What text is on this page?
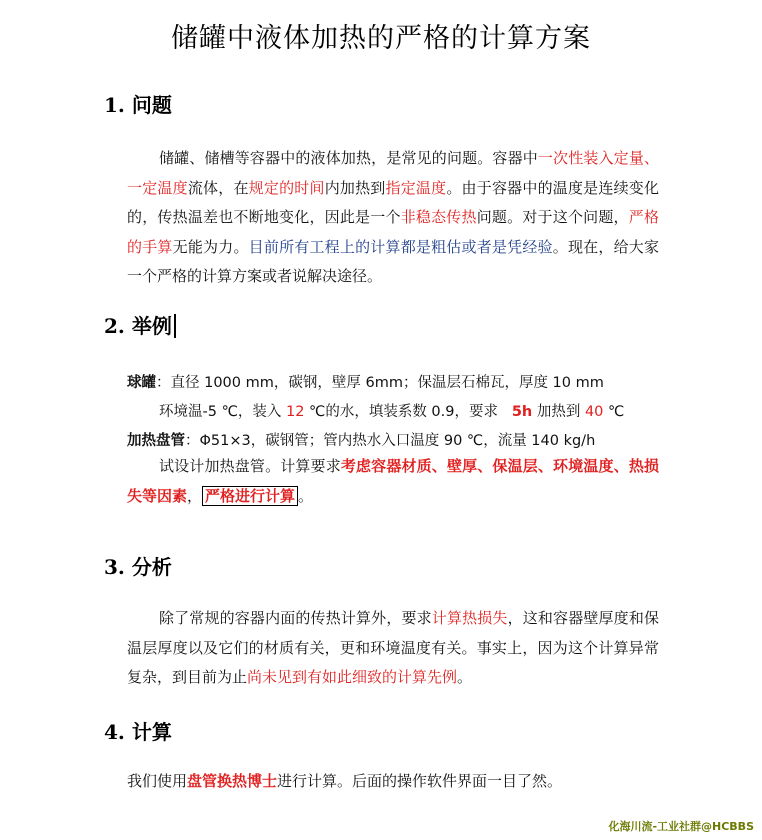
储罐中液体加热的严格的计算方案
1. 问题
储罐、储槽等容器中的液体加热，是常见的问题。容器中一次性装入定量、一定温度流体，在规定的时间内加热到指定温度。由于容器中的温度是连续变化的，传热温差也不断地变化，因此是一个非稳态传热问题。对于这个问题，严格的手算无能为力。目前所有工程上的计算都是粗估或者是凭经验。现在，给大家一个严格的计算方案或者说解决途径。
2. 举例
球罐：直径 1000 mm，碳钢，壁厚 6mm；保温层石棉瓦，厚度 10 mm
环境温-5 ℃，装入 12 ℃的水，填装系数 0.9，要求 5h 加热到 40 ℃
加热盘管：Φ51×3，碳钢管；管内热水入口温度 90 ℃，流量 140 kg/h
试设计加热盘管。计算要求考虑容器材质、壁厚、保温层、环境温度、热损失等因素， 严格进行计算 。
3. 分析
除了常规的容器内面的传热计算外，要求计算热损失，这和容器壁厚度和保温层厚度以及它们的材质有关，更和环境温度有关。事实上，因为这个计算异常复杂，到目前为止尚未见到有如此细致的计算先例。
4. 计算
我们使用盘管换热博士进行计算。后面的操作软件界面一目了然。
化海川流-工业社群@HCBBS
